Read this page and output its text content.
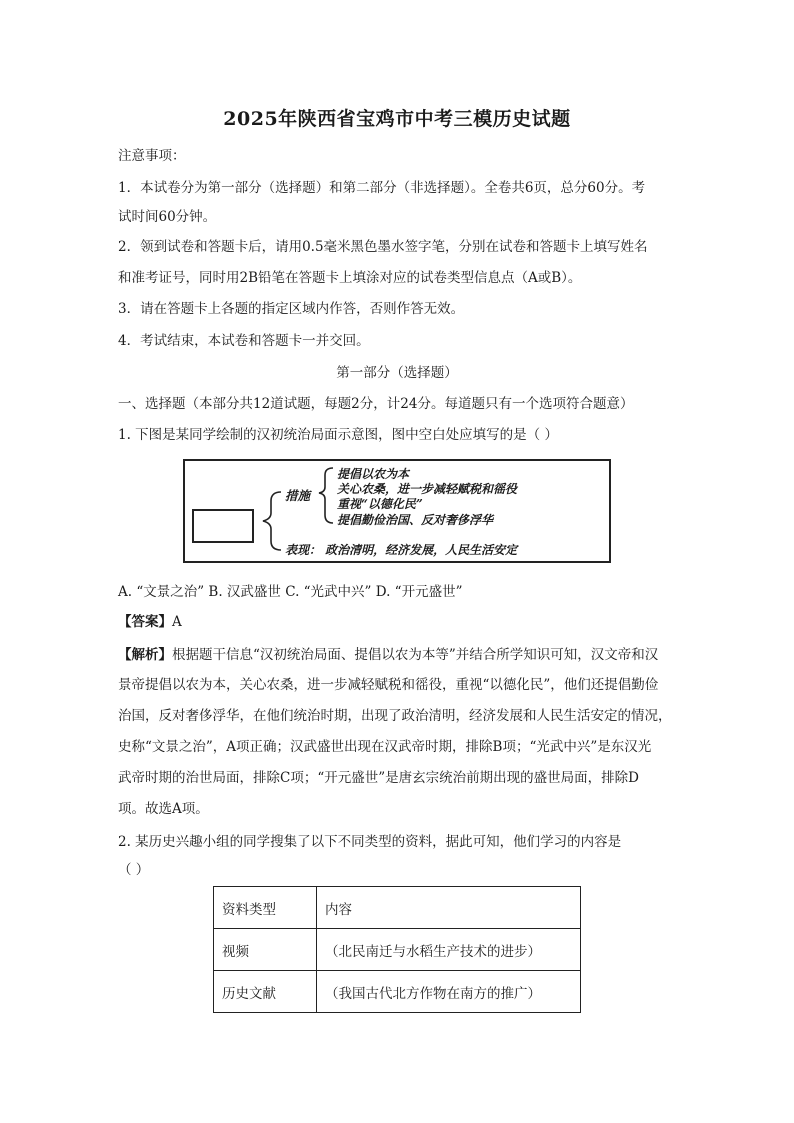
2025年陕西省宝鸡市中考三模历史试题
注意事项：
1．本试卷分为第一部分（选择题）和第二部分（非选择题）。全卷共6页，总分60分。考
试时间60分钟。
2．领到试卷和答题卡后，请用0.5毫米黑色墨水签字笔，分别在试卷和答题卡上填写姓名
和准考证号，同时用2B铅笔在答题卡上填涂对应的试卷类型信息点（A或B）。
3．请在答题卡上各题的指定区域内作答，否则作答无效。
4．考试结束，本试卷和答题卡一并交回。
第一部分（选择题）
一、选择题（本部分共12道试题，每题2分，计24分。每道题只有一个选项符合题意）
1. 下图是某同学绘制的汉初统治局面示意图，图中空白处应填写的是（ ）
措施
提倡以农为本
关心农桑，进一步减轻赋税和徭役
重视“以德化民”
提倡勤俭治国、反对奢侈浮华
表现： 政治清明，经济发展，人民生活安定
A. “文景之治” B. 汉武盛世 C. “光武中兴” D. “开元盛世”
【答案】A
【解析】根据题干信息“汉初统治局面、提倡以农为本等”并结合所学知识可知，汉文帝和汉
景帝提倡以农为本，关心农桑，进一步减轻赋税和徭役，重视“以德化民”，他们还提倡勤俭
治国，反对奢侈浮华，在他们统治时期，出现了政治清明，经济发展和人民生活安定的情况，
史称“文景之治”，A项正确；汉武盛世出现在汉武帝时期，排除B项；“光武中兴”是东汉光
武帝时期的治世局面，排除C项；“开元盛世”是唐玄宗统治前期出现的盛世局面，排除D
项。故选A项。
2. 某历史兴趣小组的同学搜集了以下不同类型的资料，据此可知，他们学习的内容是
（ ）
资料类型	内容
视频	（北民南迁与水稻生产技术的进步）
历史文献	（我国古代北方作物在南方的推广）
